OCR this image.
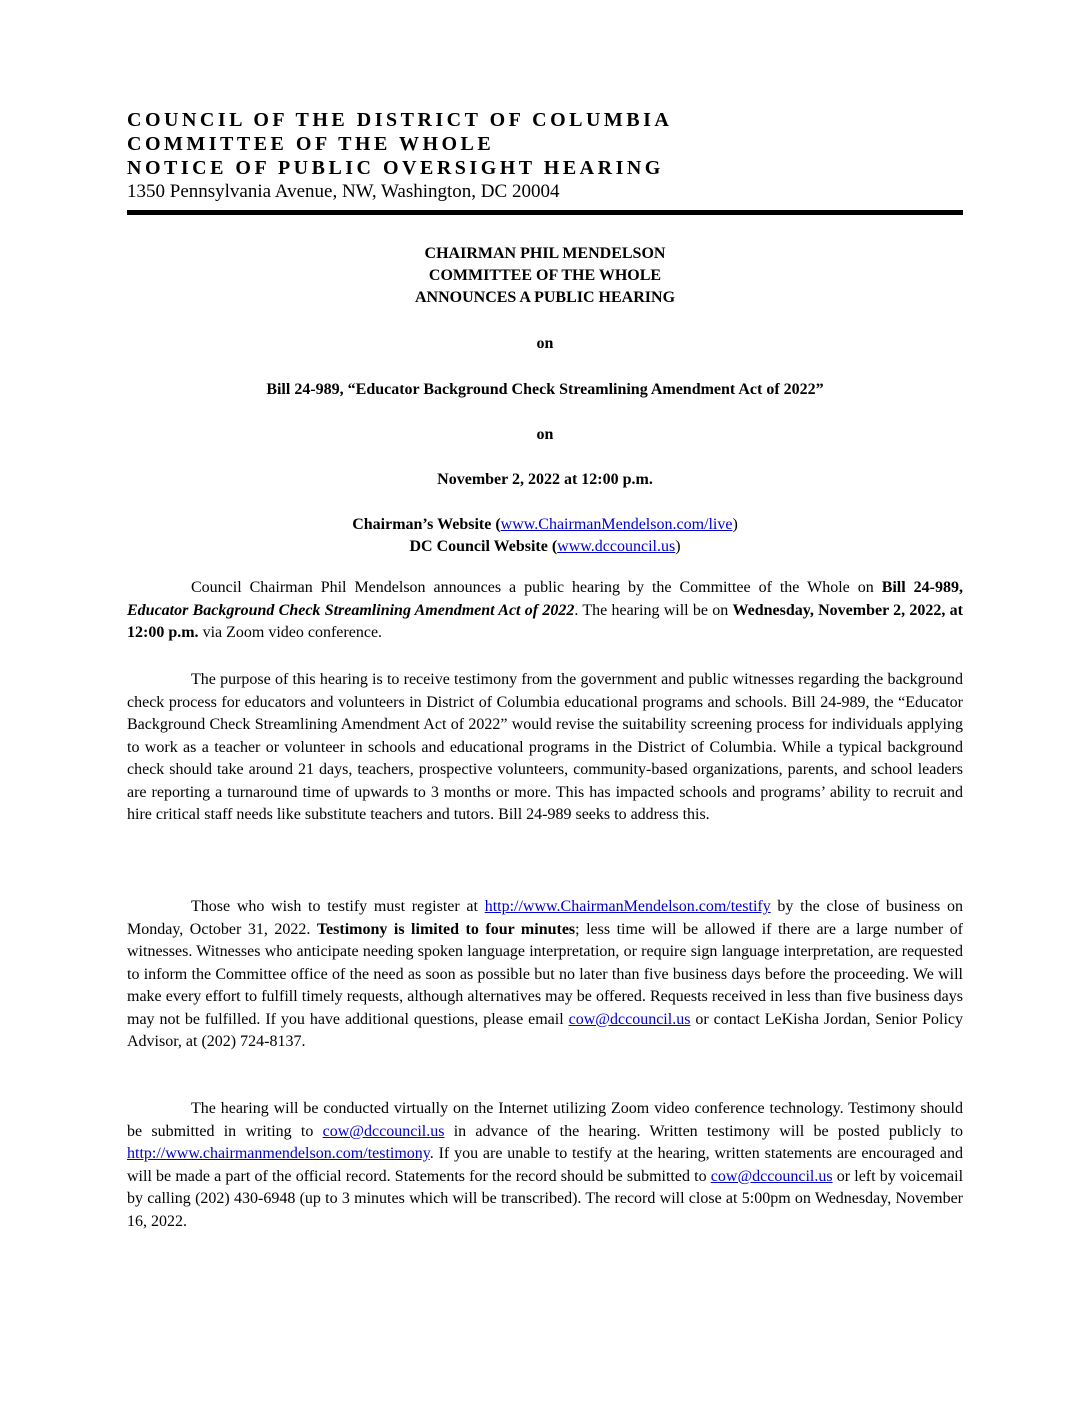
COUNCIL OF THE DISTRICT OF COLUMBIA
COMMITTEE OF THE WHOLE
NOTICE OF PUBLIC OVERSIGHT HEARING
1350 Pennsylvania Avenue, NW, Washington, DC 20004
CHAIRMAN PHIL MENDELSON
COMMITTEE OF THE WHOLE
ANNOUNCES A PUBLIC HEARING
on
Bill 24-989, “Educator Background Check Streamlining Amendment Act of 2022”
on
November 2, 2022 at 12:00 p.m.
Chairman’s Website (www.ChairmanMendelson.com/live)
DC Council Website (www.dccouncil.us)

Council Chairman Phil Mendelson announces a public hearing by the Committee of the Whole on Bill 24-989, Educator Background Check Streamlining Amendment Act of 2022. The hearing will be on Wednesday, November 2, 2022, at 12:00 p.m. via Zoom video conference.

The purpose of this hearing is to receive testimony from the government and public witnesses regarding the background check process for educators and volunteers in District of Columbia educational programs and schools. Bill 24-989, the “Educator Background Check Streamlining Amendment Act of 2022” would revise the suitability screening process for individuals applying to work as a teacher or volunteer in schools and educational programs in the District of Columbia. While a typical background check should take around 21 days, teachers, prospective volunteers, community-based organizations, parents, and school leaders are reporting a turnaround time of upwards to 3 months or more. This has impacted schools and programs’ ability to recruit and hire critical staff needs like substitute teachers and tutors. Bill 24-989 seeks to address this.

Those who wish to testify must register at http://www.ChairmanMendelson.com/testify by the close of business on Monday, October 31, 2022. Testimony is limited to four minutes; less time will be allowed if there are a large number of witnesses. Witnesses who anticipate needing spoken language interpretation, or require sign language interpretation, are requested to inform the Committee office of the need as soon as possible but no later than five business days before the proceeding. We will make every effort to fulfill timely requests, although alternatives may be offered. Requests received in less than five business days may not be fulfilled. If you have additional questions, please email cow@dccouncil.us or contact LeKisha Jordan, Senior Policy Advisor, at (202) 724-8137.

The hearing will be conducted virtually on the Internet utilizing Zoom video conference technology. Testimony should be submitted in writing to cow@dccouncil.us in advance of the hearing. Written testimony will be posted publicly to http://www.chairmanmendelson.com/testimony. If you are unable to testify at the hearing, written statements are encouraged and will be made a part of the official record. Statements for the record should be submitted to cow@dccouncil.us or left by voicemail by calling (202) 430-6948 (up to 3 minutes which will be transcribed). The record will close at 5:00pm on Wednesday, November 16, 2022.
